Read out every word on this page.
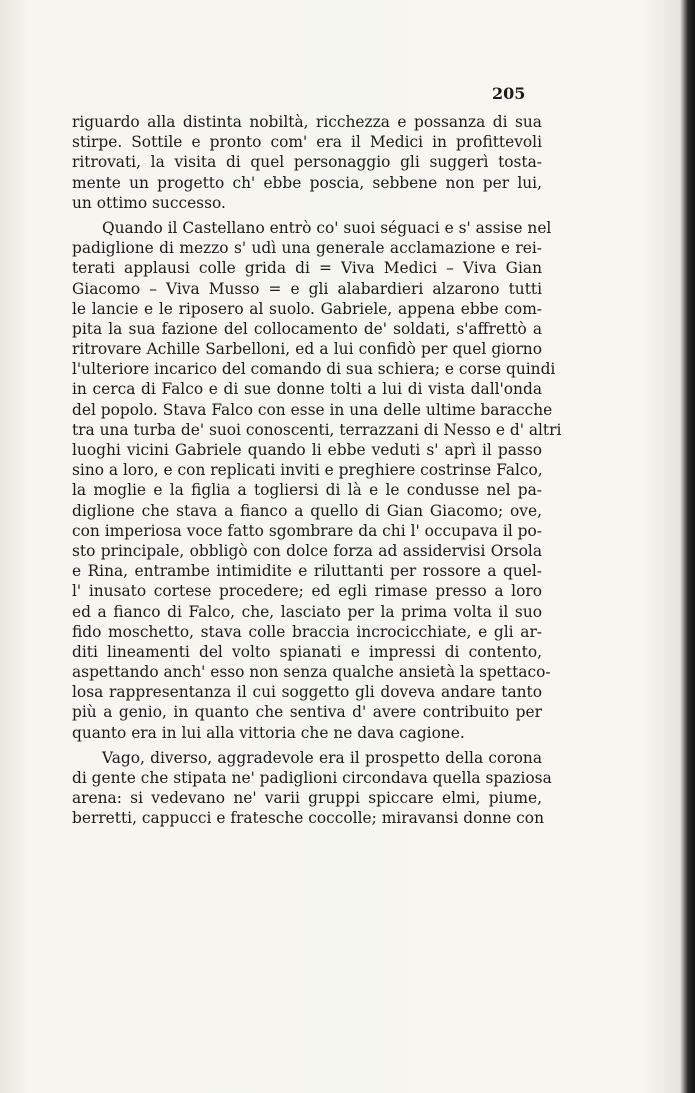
205
riguardo alla distinta nobiltà, ricchezza e possanza di sua
stirpe. Sottile e pronto com' era il Medici in profittevoli
ritrovati, la visita di quel personaggio gli suggerì tosta-
mente un progetto ch' ebbe poscia, sebbene non per lui,
un ottimo successo.
Quando il Castellano entrò co' suoi séguaci e s' assise nel
padiglione di mezzo s' udì una generale acclamazione e rei-
terati applausi colle grida di = Viva Medici – Viva Gian
Giacomo – Viva Musso = e gli alabardieri alzarono tutti
le lancie e le riposero al suolo. Gabriele, appena ebbe com-
pita la sua fazione del collocamento de' soldati, s'affrettò a
ritrovare Achille Sarbelloni, ed a lui confidò per quel giorno
l'ulteriore incarico del comando di sua schiera; e corse quindi
in cerca di Falco e di sue donne tolti a lui di vista dall'onda
del popolo. Stava Falco con esse in una delle ultime baracche
tra una turba de' suoi conoscenti, terrazzani di Nesso e d' altri
luoghi vicini Gabriele quando li ebbe veduti s' aprì il passo
sino a loro, e con replicati inviti e preghiere costrinse Falco,
la moglie e la figlia a togliersi di là e le condusse nel pa-
diglione che stava a fianco a quello di Gian Giacomo; ove,
con imperiosa voce fatto sgombrare da chi l' occupava il po-
sto principale, obbligò con dolce forza ad assidervisi Orsola
e Rina, entrambe intimidite e riluttanti per rossore a quel-
l' inusato cortese procedere; ed egli rimase presso a loro
ed a fianco di Falco, che, lasciato per la prima volta il suo
fido moschetto, stava colle braccia incrocicchiate, e gli ar-
diti lineamenti del volto spianati e impressi di contento,
aspettando anch' esso non senza qualche ansietà la spettaco-
losa rappresentanza il cui soggetto gli doveva andare tanto
più a genio, in quanto che sentiva d' avere contribuito per
quanto era in lui alla vittoria che ne dava cagione.
Vago, diverso, aggradevole era il prospetto della corona
di gente che stipata ne' padiglioni circondava quella spaziosa
arena: si vedevano ne' varii gruppi spiccare elmi, piume,
berretti, cappucci e fratesche coccolle; miravansi donne con
